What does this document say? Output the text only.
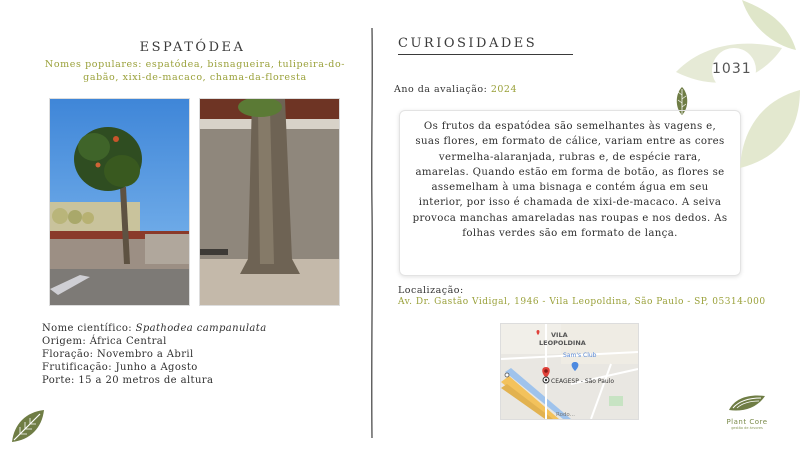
ESPATÓDEA
Nomes populares: espatódea, bisnagueira, tulipeira-do-gabão, xixi-de-macaco, chama-da-floresta
Nome científico: Spathodea campanulata
Origem: África Central
Floração: Novembro a Abril
Frutificação: Junho a Agosto
Porte: 15 a 20 metros de altura
CURIOSIDADES
Ano da avaliação: 2024
Os frutos da espatódea são semelhantes às vagens e, suas flores, em formato de cálice, variam entre as cores vermelha-alaranjada, rubras e, de espécie rara, amarelas. Quando estão em forma de botão, as flores se assemelham à uma bisnaga e contém água em seu interior, por isso é chamada de xixi-de-macaco. A seiva provoca manchas amareladas nas roupas e nos dedos. As folhas verdes são em formato de lança.
Localização:
Av. Dr. Gastão Vidigal, 1946 - Vila Leopoldina, São Paulo - SP, 05314-000
VILA
LEOPOLDINA
Sam's Club
CEAGESP - São Paulo
Rodo...
1031
Plant Core
gestão de árvores
